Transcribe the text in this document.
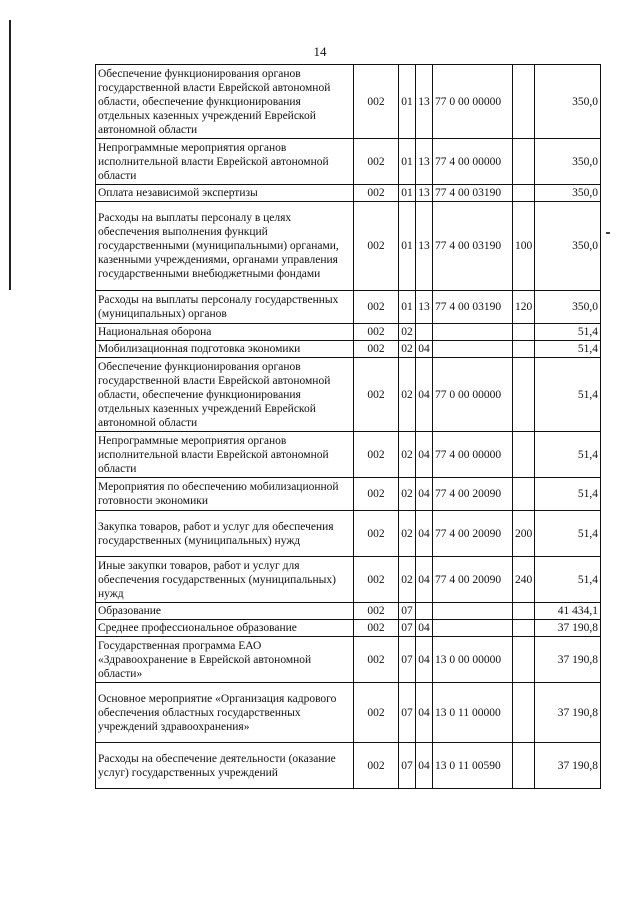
14
Обеспечение функционирования органов государственной власти Еврейской автономной области, обеспечение функционирования отдельных казенных учреждений Еврейской автономной области	002	01	13	77 0 00 00000		350,0
Непрограммные мероприятия органов исполнительной власти Еврейской автономной области	002	01	13	77 4 00 00000		350,0
Оплата независимой экспертизы	002	01	13	77 4 00 03190		350,0
Расходы на выплаты персоналу в целях обеспечения выполнения функций государственными (муниципальными) органами, казенными учреждениями, органами управления государственными внебюджетными фондами	002	01	13	77 4 00 03190	100	350,0
Расходы на выплаты персоналу государственных (муниципальных) органов	002	01	13	77 4 00 03190	120	350,0
Национальная оборона	002	02				51,4
Мобилизационная подготовка экономики	002	02	04			51,4
Обеспечение функционирования органов государственной власти Еврейской автономной области, обеспечение функционирования отдельных казенных учреждений Еврейской автономной области	002	02	04	77 0 00 00000		51,4
Непрограммные мероприятия органов исполнительной власти Еврейской автономной области	002	02	04	77 4 00 00000		51,4
Мероприятия по обеспечению мобилизационной готовности экономики	002	02	04	77 4 00 20090		51,4
Закупка товаров, работ и услуг для обеспечения государственных (муниципальных) нужд	002	02	04	77 4 00 20090	200	51,4
Иные закупки товаров, работ и услуг для обеспечения государственных (муниципальных) нужд	002	02	04	77 4 00 20090	240	51,4
Образование	002	07				41 434,1
Среднее профессиональное образование	002	07	04			37 190,8
Государственная программа ЕАО «Здравоохранение в Еврейской автономной области»	002	07	04	13 0 00 00000		37 190,8
Основное мероприятие «Организация кадрового обеспечения областных государственных учреждений здравоохранения»	002	07	04	13 0 11 00000		37 190,8
Расходы на обеспечение деятельности (оказание услуг) государственных учреждений	002	07	04	13 0 11 00590		37 190,8
